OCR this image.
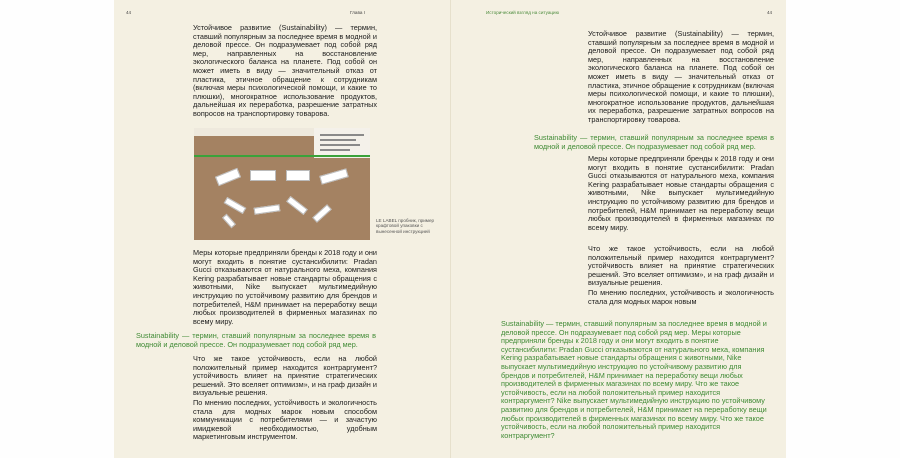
44	Глава I	Исторический взгляд на ситуацию	44
Устойчивое развитие (Sustainability) — термин, ставший популярным за последнее время в модной и деловой прессе. Он подразумевает под собой ряд мер, направленных на восстановление экологического баланса на планете. Под собой он может иметь в виду — значительный отказ от пластика, этичное обращение к сотрудникам (включая меры психологической помощи, и какие то плюшки), многократное использование продуктов, дальнейшая их переработка, разрешение затратных вопросов на транспортировку товарова.
LE LABEL пробник, пример крафтовой упаковки с вынесенной инструкцией
Меры которые предприняли бренды к 2018 году и они могут входить в понятие сустансибилити: Pradan Gucci отказываются от натурального меха, компания Kering разрабатывает новые стандарты обращения с животными, Nike выпускает мультимедийную инструкцию по устойчивому развитию для брендов и потребителей, H&M принимает на переработку вещи любых производителей в фирменных магазинах по всему миру.
Sustainability — термин, ставший популярным за последнее время в модной и деловой прессе. Он подразумевает под собой ряд мер.
Что же такое устойчивость, если на любой положительный пример находится контраргумент? устойчивость влияет на принятие стратегических решений. Это вселяет оптимизм», и на граф дизайн и визуальные решения.
По мнению последних, устойчивость и экологичность стала для модных марок новым способом коммуникации с потребителями — и зачастую имиджевой необходимостью, удобным маркетинговым инструментом.
Устойчивое развитие (Sustainability) — термин, ставший популярным за последнее время в модной и деловой прессе. Он подразумевает под собой ряд мер, направленных на восстановление экологического баланса на планете. Под собой он может иметь в виду — значительный отказ от пластика, этичное обращение к сотрудникам (включая меры психологической помощи, и какие то плюшки), многократное использование продуктов, дальнейшая их переработка, разрешение затратных вопросов на транспортировку товарова.
Sustainability — термин, ставший популярным за последнее время в модной и деловой прессе. Он подразумевает под собой ряд мер.
Меры которые предприняли бренды к 2018 году и они могут входить в понятие сустансибилити: Pradan Gucci отказываются от натурального меха, компания Kering разрабатывает новые стандарты обращения с животными, Nike выпускает мультимедийную инструкцию по устойчивому развитию для брендов и потребителей, H&M принимает на переработку вещи любых производителей в фирменных магазинах по всему миру.
Что же такое устойчивость, если на любой положительный пример находится контраргумент? устойчивость влияет на принятие стратегических решений. Это вселяет оптимизм», и на граф дизайн и визуальные решения.
По мнению последних, устойчивость и экологичность стала для модных марок новым
Sustainability — термин, ставший популярным за последнее время в модной и деловой прессе. Он подразумевает под собой ряд мер. Меры которые предприняли бренды к 2018 году и они могут входить в понятие сустансибилити: Pradan Gucci отказываются от натурального меха, компания Kering разрабатывает новые стандарты обращения с животными, Nike выпускает мультимедийную инструкцию по устойчивому развитию для брендов и потребителей, H&M принимает на переработку вещи любых производителей в фирменных магазинах по всему миру. Что же такое устойчивость, если на любой положительный пример находится контраргумент? Nike выпускает мультимедийную инструкцию по устойчивому развитию для брендов и потребителей, H&M принимает на переработку вещи любых производителей в фирменных магазинах по всему миру. Что же такое устойчивость, если на любой положительный пример находится контраргумент?
